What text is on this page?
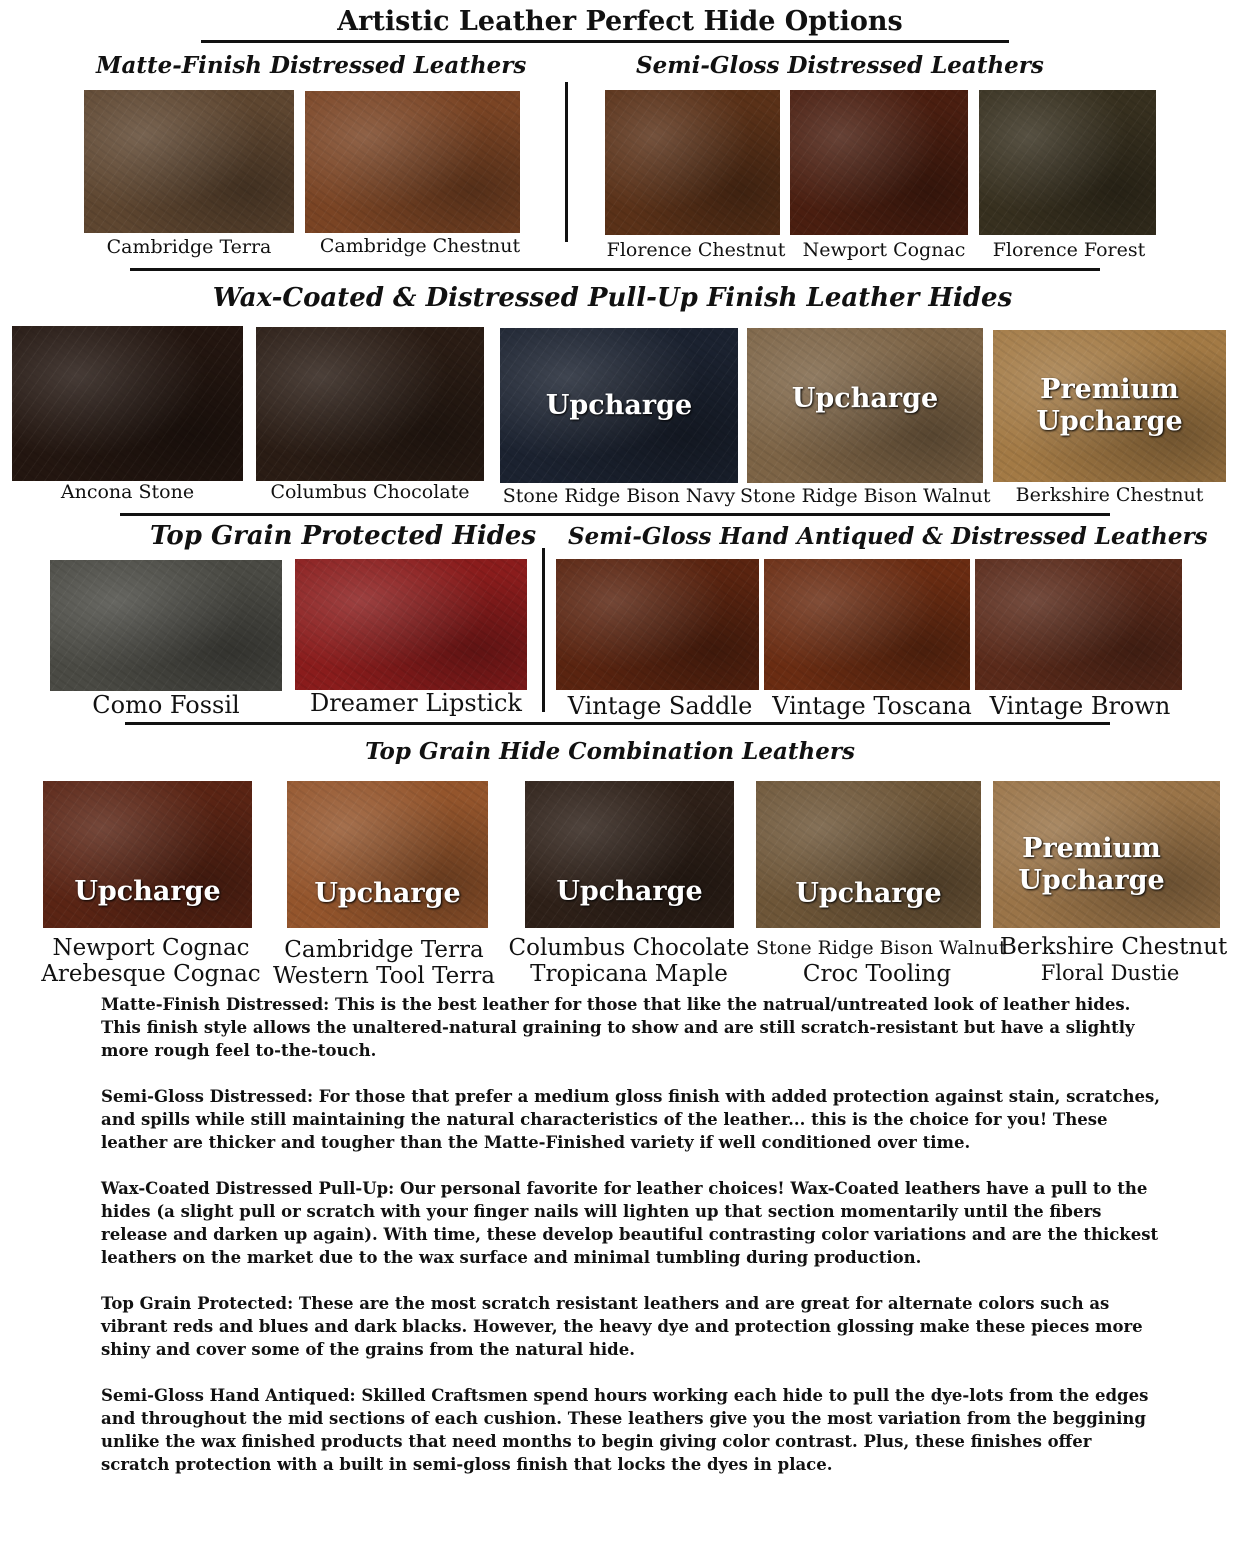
Artistic Leather Perfect Hide Options
Matte-Finish Distressed Leathers	Semi-Gloss Distressed Leathers
Cambridge Terra	Cambridge Chestnut	Florence Chestnut Newport Cognac	Florence Forest
Wax-Coated & Distressed Pull-Up Finish Leather Hides
Upcharge	Upcharge	Premium Upcharge
Ancona Stone	Columbus Chocolate	Stone Ridge Bison Navy Stone Ridge Bison Walnut	Berkshire Chestnut
Top Grain Protected Hides Semi-Gloss Hand Antiqued & Distressed Leathers
Como Fossil	Dreamer Lipstick	Vintage Saddle Vintage Toscana Vintage Brown
Top Grain Hide Combination Leathers
Upcharge	Upcharge	Upcharge	Upcharge
Premium Upcharge
Newport Cognac
Arebesque Cognac
Cambridge Terra
Western Tool Terra
Columbus Chocolate
Tropicana Maple
Stone Ridge Bison Walnut
Croc Tooling
Berkshire Chestnut
Floral Dustie

Matte-Finish Distressed: This is the best leather for those that like the natrual/untreated look of leather hides. This finish style allows the unaltered-natural graining to show and are still scratch-resistant but have a slightly more rough feel to-the-touch.

Semi-Gloss Distressed: For those that prefer a medium gloss finish with added protection against stain, scratches, and spills while still maintaining the natural characteristics of the leather... this is the choice for you! These leather are thicker and tougher than the Matte-Finished variety if well conditioned over time.

Wax-Coated Distressed Pull-Up: Our personal favorite for leather choices! Wax-Coated leathers have a pull to the hides (a slight pull or scratch with your finger nails will lighten up that section momentarily until the fibers release and darken up again). With time, these develop beautiful contrasting color variations and are the thickest leathers on the market due to the wax surface and minimal tumbling during production.

Top Grain Protected: These are the most scratch resistant leathers and are great for alternate colors such as vibrant reds and blues and dark blacks. However, the heavy dye and protection glossing make these pieces more shiny and cover some of the grains from the natural hide.

Semi-Gloss Hand Antiqued: Skilled Craftsmen spend hours working each hide to pull the dye-lots from the edges and throughout the mid sections of each cushion. These leathers give you the most variation from the beggining unlike the wax finished products that need months to begin giving color contrast. Plus, these finishes offer scratch protection with a built in semi-gloss finish that locks the dyes in place.
